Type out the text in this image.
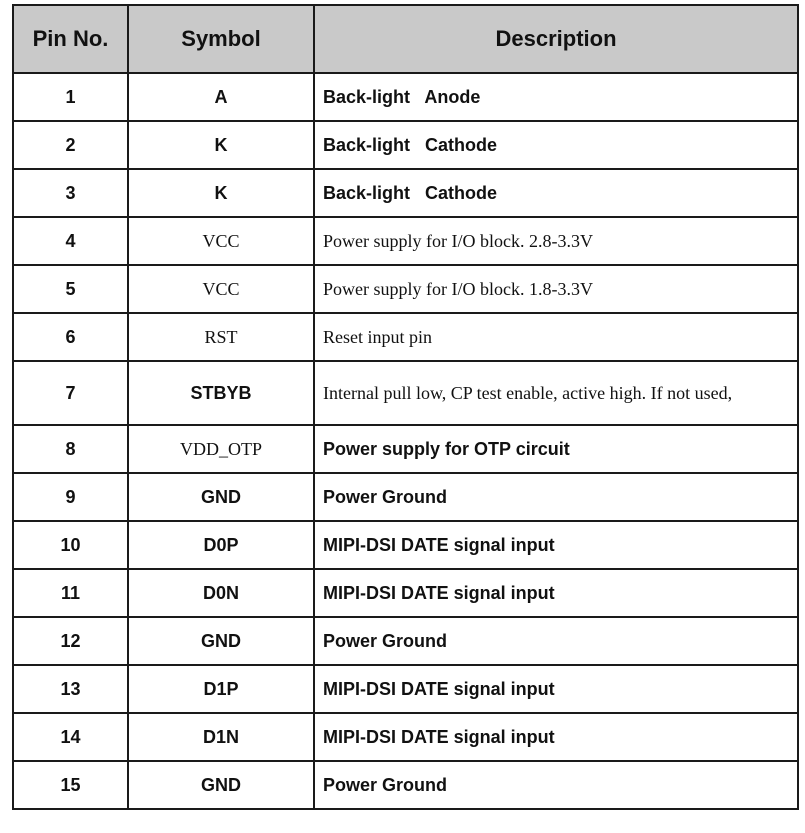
Pin No.	Symbol	Description
1	A	Back-light   Anode
2	K	Back-light   Cathode
3	K	Back-light   Cathode
4	VCC	Power supply for I/O block. 2.8-3.3V
5	VCC	Power supply for I/O block. 1.8-3.3V
6	RST	Reset input pin
7	STBYB	Internal pull low, CP test enable, active high. If not used,
8	VDD_OTP	Power supply for OTP circuit
9	GND	Power Ground
10	D0P	MIPI-DSI DATE signal input
11	D0N	MIPI-DSI DATE signal input
12	GND	Power Ground
13	D1P	MIPI-DSI DATE signal input
14	D1N	MIPI-DSI DATE signal input
15	GND	Power Ground
